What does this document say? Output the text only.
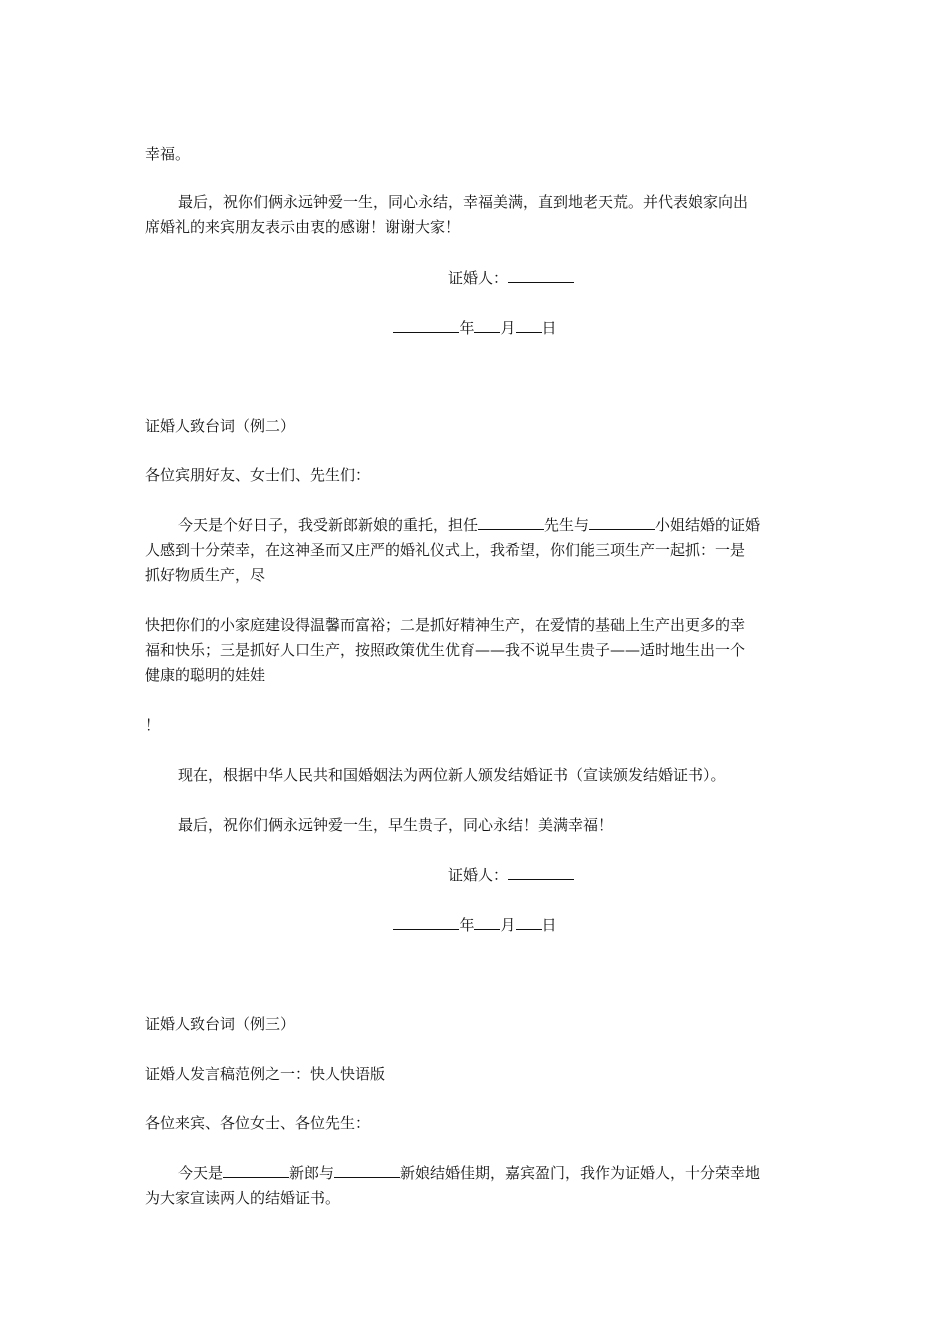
幸福。

最后，祝你们俩永远钟爱一生，同心永结，幸福美满，直到地老天荒。并代表娘家向出

席婚礼的来宾朋友表示由衷的感谢！谢谢大家！

证婚人：

年 月 日

证婚人致台词（例二）

各位宾朋好友、女士们、先生们：

今天是个好日子，我受新郎新娘的重托，担任	先生与	小姐结婚的证婚

人感到十分荣幸，在这神圣而又庄严的婚礼仪式上，我希望，你们能三项生产一起抓：一是

抓好物质生产，尽

快把你们的小家庭建设得温馨而富裕；二是抓好精神生产，在爱情的基础上生产出更多的幸

福和快乐；三是抓好人口生产，按照政策优生优育——我不说早生贵子——适时地生出一个

健康的聪明的娃娃

！

现在，根据中华人民共和国婚姻法为两位新人颁发结婚证书（宣读颁发结婚证书）。

最后，祝你们俩永远钟爱一生，早生贵子，同心永结！美满幸福！

证婚人：

年 月 日

证婚人致台词（例三）

证婚人发言稿范例之一：快人快语版

各位来宾、各位女士、各位先生：

今天是	新郎与	新娘结婚佳期，嘉宾盈门，我作为证婚人，十分荣幸地

为大家宣读两人的结婚证书。
